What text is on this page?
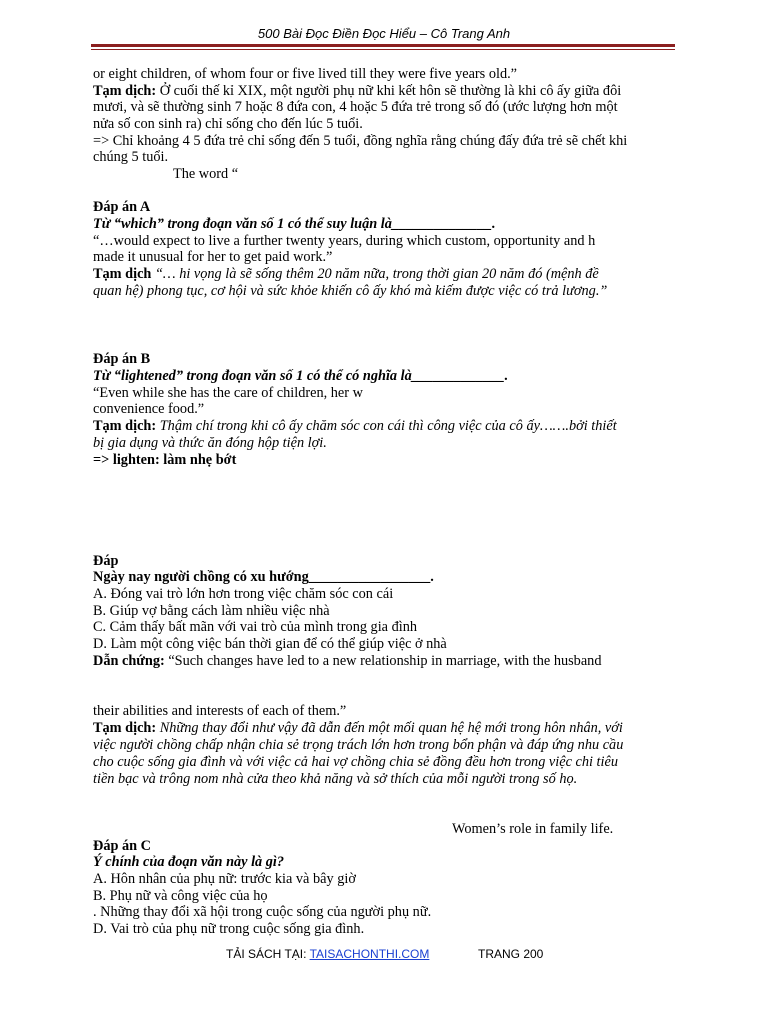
500 Bài Đọc Điền Đọc Hiểu – Cô Trang Anh
or eight children, of whom four or five lived till they were five years old.”
Tạm dịch: Ở cuối thế kỉ XIX, một người phụ nữ khi kết hôn sẽ thường là khi cô ấy giữa đôi
mươi, và sẽ thường sinh 7 hoặc 8 đứa con, 4 hoặc 5 đứa trẻ trong số đó (ước lượng hơn một
nửa số con sinh ra) chỉ sống cho đến lúc 5 tuổi.
=> Chỉ khoảng 4 5 đứa trẻ chỉ sống đến 5 tuổi, đồng nghĩa rằng chúng đấy đứa trẻ sẽ chết khi
chúng 5 tuổi.
The word “
Đáp án A
Từ “which” trong đoạn văn số 1 có thể suy luận là______________.
“…would expect to live a further twenty years, during which custom, opportunity and h
made it unusual for her to get paid work.”
Tạm dịch “… hi vọng là sẽ sống thêm 20 năm nữa, trong thời gian 20 năm đó (mệnh đề
quan hệ) phong tục, cơ hội và sức khỏe khiến cô ấy khó mà kiếm được việc có trả lương.”
Đáp án B
Từ “lightened” trong đoạn văn số 1 có thể có nghĩa là_____________.
“Even while she has the care of children, her w
convenience food.”
Tạm dịch: Thậm chí trong khi cô ấy chăm sóc con cái thì công việc của cô ấy…….bởi thiết
bị gia dụng và thức ăn đóng hộp tiện lợi.
=> lighten: làm nhẹ bớt
Đáp
Ngày nay người chồng có xu hướng_________________.
A. Đóng vai trò lớn hơn trong việc chăm sóc con cái
B. Giúp vợ bằng cách làm nhiều việc nhà
C. Cảm thấy bất mãn với vai trò của mình trong gia đình
D. Làm một công việc bán thời gian để có thể giúp việc ở nhà
Dẫn chứng: “Such changes have led to a new relationship in marriage, with the husband
their abilities and interests of each of them.”
Tạm dịch: Những thay đổi như vậy đã dẫn đến một mối quan hệ hệ mới trong hôn nhân, với
việc người chồng chấp nhận chia sẻ trọng trách lớn hơn trong bổn phận và đáp ứng nhu cầu
cho cuộc sống gia đình và với việc cả hai vợ chồng chia sẻ đồng đều hơn trong việc chi tiêu
tiền bạc và trông nom nhà cửa theo khả năng và sở thích của mỗi người trong số họ.
Women’s role in family life.
Đáp án C
Ý chính của đoạn văn này là gì?
A. Hôn nhân của phụ nữ: trước kia và bây giờ
B. Phụ nữ và công việc của họ
. Những thay đổi xã hội trong cuộc sống của người phụ nữ.
D. Vai trò của phụ nữ trong cuộc sống gia đình.
TẢI SÁCH TẠI: TAISACHONTHI.COM	TRANG 200
